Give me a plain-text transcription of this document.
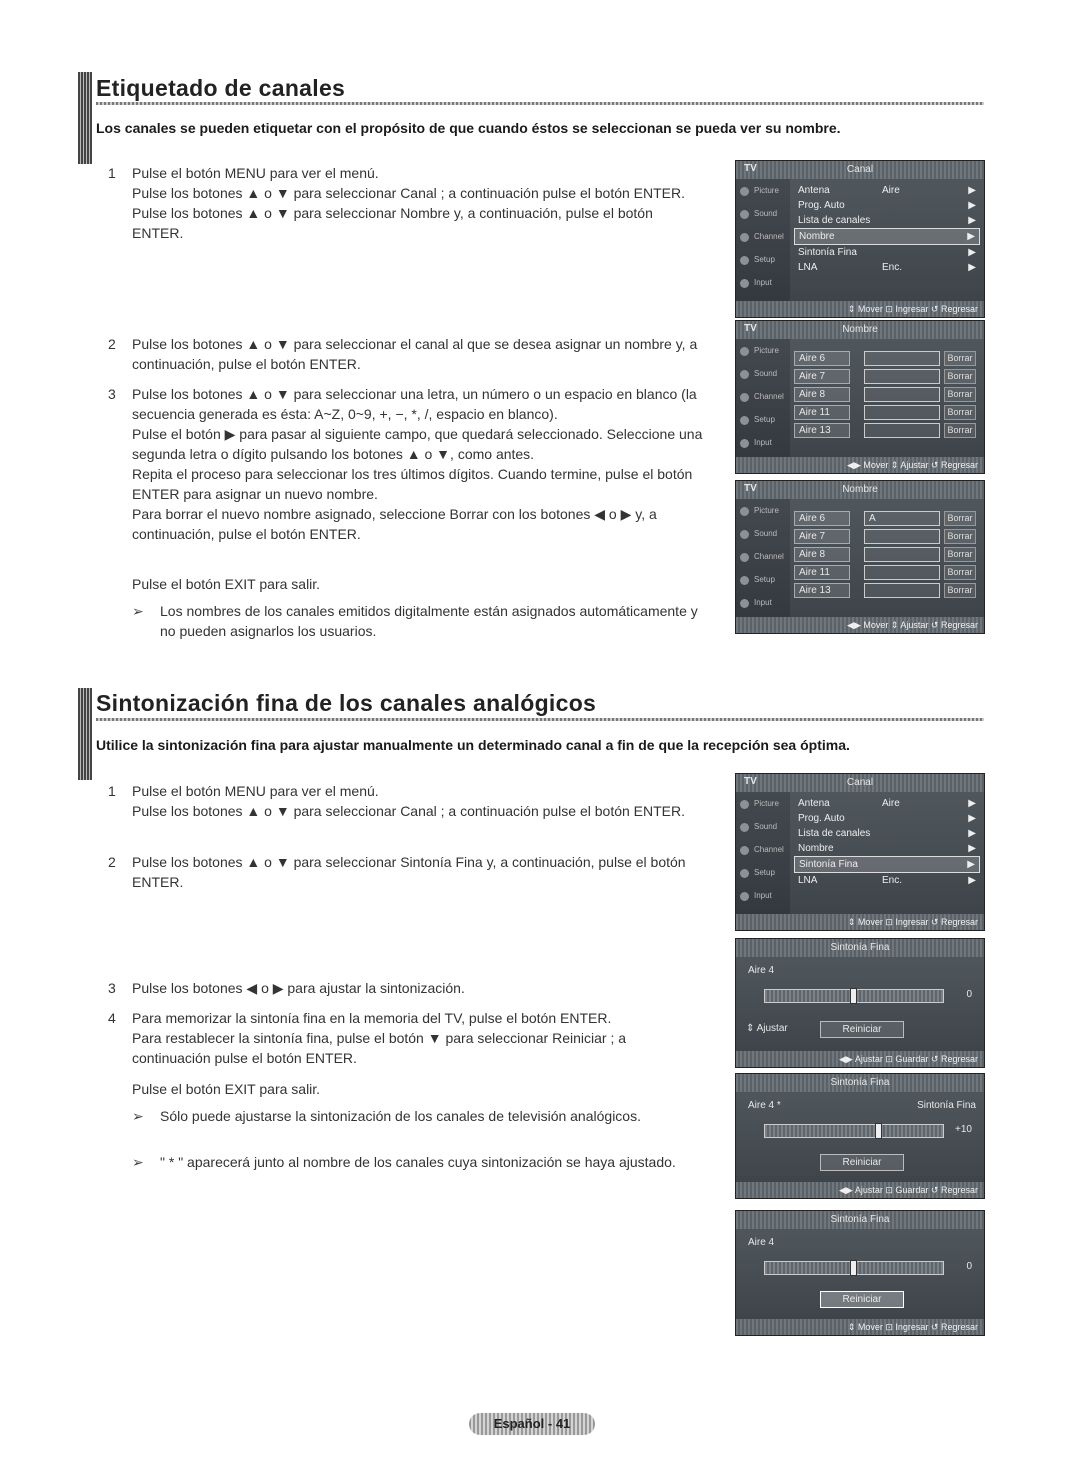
Etiquetado de canales
Los canales se pueden etiquetar con el propósito de que cuando éstos se seleccionan se pueda ver su nombre.
1	Pulse el botón MENU para ver el menú.
Pulse los botones ▲ o ▼ para seleccionar Canal ; a continuación pulse el botón ENTER. Pulse los botones ▲ o ▼ para seleccionar Nombre y, a continuación, pulse el botón ENTER.
2	Pulse los botones ▲ o ▼ para seleccionar el canal al que se desea asignar un nombre y, a continuación, pulse el botón ENTER.
3	Pulse los botones ▲ o ▼ para seleccionar una letra, un número o un espacio en blanco (la secuencia generada es ésta: A~Z, 0~9, +, −, *, /, espacio en blanco).
Pulse el botón ▶ para pasar al siguiente campo, que quedará seleccionado. Seleccione una segunda letra o dígito pulsando los botones ▲ o ▼, como antes.
Repita el proceso para seleccionar los tres últimos dígitos. Cuando termine, pulse el botón ENTER para asignar un nuevo nombre.
Para borrar el nuevo nombre asignado, seleccione Borrar con los botones ◀ o ▶ y, a continuación, pulse el botón ENTER.
Pulse el botón EXIT para salir.
➢ Los nombres de los canales emitidos digitalmente están asignados automáticamente y no pueden asignarlos los usuarios.
TV	Canal
Picture
Sound
Channel
Setup
Input
Antena	Aire	▶
Prog. Auto	▶
Lista de canales	▶
Nombre	▶
Sintonía Fina	▶
LNA	Enc.	▶
⇕ Mover ⊡ Ingresar ↺ Regresar
TV	Nombre
Picture
Sound
Channel
Setup
Input
Aire 6	Borrar
Aire 7	Borrar
Aire 8	Borrar
Aire 11	Borrar
Aire 13	Borrar
◀▶ Mover ⇕ Ajustar ↺ Regresar
TV	Nombre
Picture
Sound
Channel
Setup
Input
Aire 6	A	Borrar
Aire 7	Borrar
Aire 8	Borrar
Aire 11	Borrar
Aire 13	Borrar
◀▶ Mover ⇕ Ajustar ↺ Regresar
Sintonización fina de los canales analógicos
Utilice la sintonización fina para ajustar manualmente un determinado canal a fin de que la recepción sea óptima.
1	Pulse el botón MENU para ver el menú.
Pulse los botones ▲ o ▼ para seleccionar Canal ; a continuación pulse el botón ENTER.
2	Pulse los botones ▲ o ▼ para seleccionar Sintonía Fina y, a continuación, pulse el botón ENTER.
3	Pulse los botones ◀ o ▶ para ajustar la sintonización.
4	Para memorizar la sintonía fina en la memoria del TV, pulse el botón ENTER.
Para restablecer la sintonía fina, pulse el botón ▼ para seleccionar Reiniciar ; a continuación pulse el botón ENTER.
Pulse el botón EXIT para salir.
➢ Sólo puede ajustarse la sintonización de los canales de televisión analógicos.
➢ " * " aparecerá junto al nombre de los canales cuya sintonización se haya ajustado.
TV	Canal
Picture
Sound
Channel
Setup
Input
Antena	Aire	▶
Prog. Auto	▶
Lista de canales	▶
Nombre	▶
Sintonía Fina	▶
LNA	Enc.	▶
⇕ Mover ⊡ Ingresar ↺ Regresar
Sintonía Fina
Aire 4
0
⇕ Ajustar	Reiniciar
◀▶ Ajustar ⊡ Guardar ↺ Regresar
Sintonía Fina
Aire 4 *	Sintonía Fina
+10
Reiniciar
◀▶ Ajustar ⊡ Guardar ↺ Regresar
Sintonía Fina
Aire 4
0
Reiniciar
⇕ Mover ⊡ Ingresar ↺ Regresar
Español - 41
